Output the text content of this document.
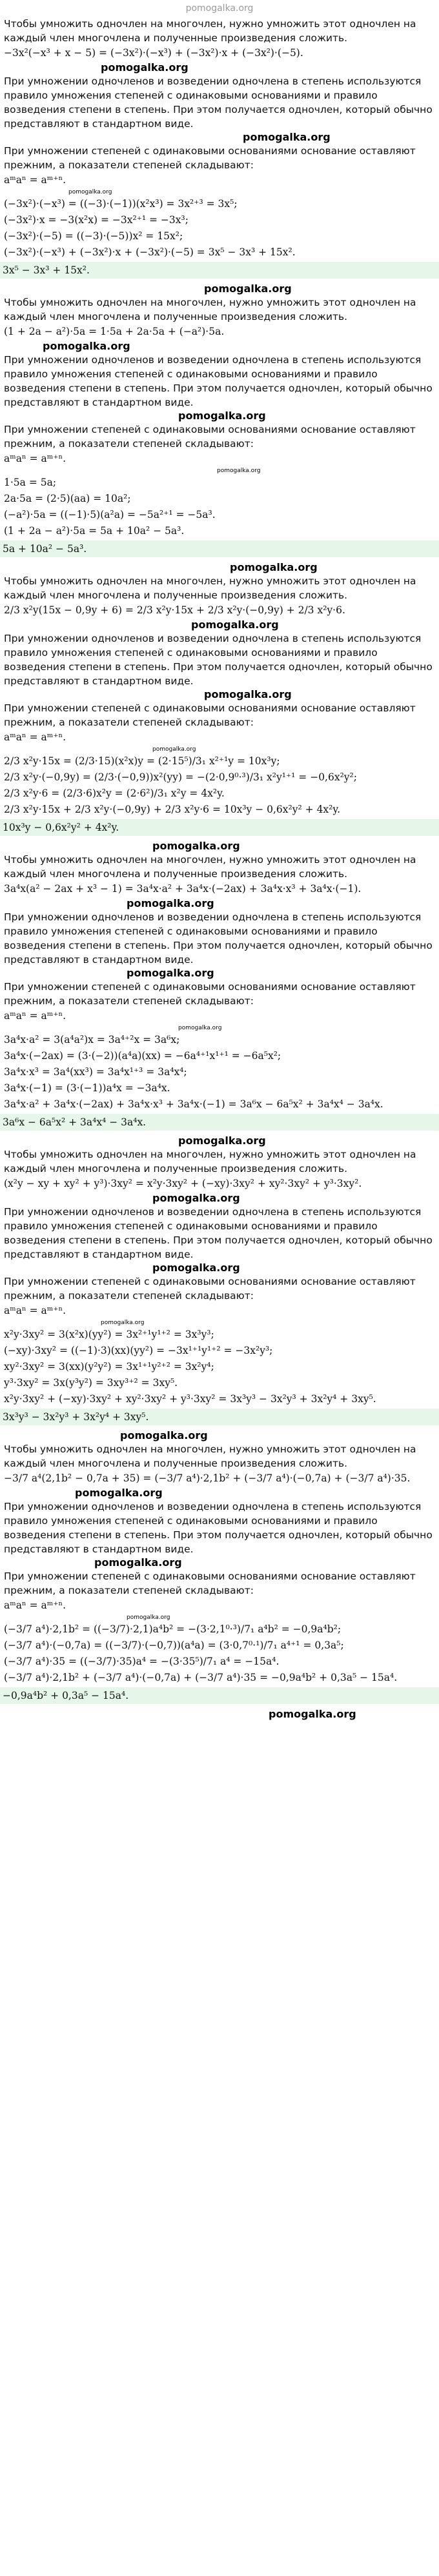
pomogalka.org

Чтобы умножить одночлен на многочлен, нужно умножить этот одночлен на каждый член многочлена и полученные произведения сложить.

−3x²(−x³ + x − 5) = (−3x²)·(−x³) + (−3x²)·x + (−3x²)·(−5).

pomogalka.org

При умножении одночленов и возведении одночлена в степень используются правило умножения степеней с одинаковыми основаниями и правило возведения степени в степень. При этом получается одночлен, который обычно представляют в стандартном виде.

pomogalka.org

При умножении степеней с одинаковыми основаниями основание оставляют прежним, а показатели степеней складывают:

aᵐaⁿ = aᵐ⁺ⁿ.

pomogalka.org

(−3x²)·(−x³) = ((−3)·(−1))(x²x³) = 3x²⁺³ = 3x⁵;

(−3x²)·x = −3(x²x) = −3x²⁺¹ = −3x³;

(−3x²)·(−5) = ((−3)·(−5))x² = 15x²;

(−3x²)·(−x³) + (−3x²)·x + (−3x²)·(−5) = 3x⁵ − 3x³ + 15x².

3x⁵ − 3x³ + 15x².
pomogalka.org

Чтобы умножить одночлен на многочлен, нужно умножить этот одночлен на каждый член многочлена и полученные произведения сложить.

(1 + 2a − a²)·5a = 1·5a + 2a·5a + (−a²)·5a.

pomogalka.org

При умножении одночленов и возведении одночлена в степень используются правило умножения степеней с одинаковыми основаниями и правило возведения степени в степень. При этом получается одночлен, который обычно представляют в стандартном виде.

pomogalka.org

При умножении степеней с одинаковыми основаниями основание оставляют прежним, а показатели степеней складывают:

aᵐaⁿ = aᵐ⁺ⁿ.

pomogalka.org

1·5a = 5a;

2a·5a = (2·5)(aa) = 10a²;

(−a²)·5a = ((−1)·5)(a²a) = −5a²⁺¹ = −5a³.

(1 + 2a − a²)·5a = 5a + 10a² − 5a³.

5a + 10a² − 5a³.
pomogalka.org

Чтобы умножить одночлен на многочлен, нужно умножить этот одночлен на каждый член многочлена и полученные произведения сложить.

2/3 x²y(15x − 0,9y + 6) = 2/3 x²y·15x + 2/3 x²y·(−0,9y) + 2/3 x²y·6.

pomogalka.org

При умножении одночленов и возведении одночлена в степень используются правило умножения степеней с одинаковыми основаниями и правило возведения степени в степень. При этом получается одночлен, который обычно представляют в стандартном виде.

pomogalka.org

При умножении степеней с одинаковыми основаниями основание оставляют прежним, а показатели степеней складывают:

aᵐaⁿ = aᵐ⁺ⁿ.

pomogalka.org

2/3 x²y·15x = (2/3·15)(x²x)y = (2·15⁵)/3₁ x²⁺¹y = 10x³y;

2/3 x²y·(−0,9y) = (2/3·(−0,9))x²(yy) = −(2·0,9⁰·³)/3₁ x²y¹⁺¹ = −0,6x²y²;

2/3 x²y·6 = (2/3·6)x²y = (2·6²)/3₁ x²y = 4x²y.

2/3 x²y·15x + 2/3 x²y·(−0,9y) + 2/3 x²y·6 = 10x³y − 0,6x²y² + 4x²y.

10x³y − 0,6x²y² + 4x²y.
pomogalka.org

Чтобы умножить одночлен на многочлен, нужно умножить этот одночлен на каждый член многочлена и полученные произведения сложить.

3a⁴x(a² − 2ax + x³ − 1) = 3a⁴x·a² + 3a⁴x·(−2ax) + 3a⁴x·x³ + 3a⁴x·(−1).

pomogalka.org

При умножении одночленов и возведении одночлена в степень используются правило умножения степеней с одинаковыми основаниями и правило возведения степени в степень. При этом получается одночлен, который обычно представляют в стандартном виде.

pomogalka.org

При умножении степеней с одинаковыми основаниями основание оставляют прежним, а показатели степеней складывают:

aᵐaⁿ = aᵐ⁺ⁿ.

pomogalka.org

3a⁴x·a² = 3(a⁴a²)x = 3a⁴⁺²x = 3a⁶x;

3a⁴x·(−2ax) = (3·(−2))(a⁴a)(xx) = −6a⁴⁺¹x¹⁺¹ = −6a⁵x²;

3a⁴x·x³ = 3a⁴(xx³) = 3a⁴x¹⁺³ = 3a⁴x⁴;

3a⁴x·(−1) = (3·(−1))a⁴x = −3a⁴x.

3a⁴x·a² + 3a⁴x·(−2ax) + 3a⁴x·x³ + 3a⁴x·(−1) = 3a⁶x − 6a⁵x² + 3a⁴x⁴ − 3a⁴x.

3a⁶x − 6a⁵x² + 3a⁴x⁴ − 3a⁴x.
pomogalka.org

Чтобы умножить одночлен на многочлен, нужно умножить этот одночлен на каждый член многочлена и полученные произведения сложить.

(x²y − xy + xy² + y³)·3xy² = x²y·3xy² + (−xy)·3xy² + xy²·3xy² + y³·3xy².

pomogalka.org

При умножении одночленов и возведении одночлена в степень используются правило умножения степеней с одинаковыми основаниями и правило возведения степени в степень. При этом получается одночлен, который обычно представляют в стандартном виде.

pomogalka.org

При умножении степеней с одинаковыми основаниями основание оставляют прежним, а показатели степеней складывают:

aᵐaⁿ = aᵐ⁺ⁿ.

pomogalka.org

x²y·3xy² = 3(x²x)(yy²) = 3x²⁺¹y¹⁺² = 3x³y³;

(−xy)·3xy² = ((−1)·3)(xx)(yy²) = −3x¹⁺¹y¹⁺² = −3x²y³;

xy²·3xy² = 3(xx)(y²y²) = 3x¹⁺¹y²⁺² = 3x²y⁴;

y³·3xy² = 3x(y³y²) = 3xy³⁺² = 3xy⁵.

x²y·3xy² + (−xy)·3xy² + xy²·3xy² + y³·3xy² = 3x³y³ − 3x²y³ + 3x²y⁴ + 3xy⁵.

3x³y³ − 3x²y³ + 3x²y⁴ + 3xy⁵.
pomogalka.org

Чтобы умножить одночлен на многочлен, нужно умножить этот одночлен на каждый член многочлена и полученные произведения сложить.

−3/7 a⁴(2,1b² − 0,7a + 35) = (−3/7 a⁴)·2,1b² + (−3/7 a⁴)·(−0,7a) + (−3/7 a⁴)·35.

pomogalka.org

При умножении одночленов и возведении одночлена в степень используются правило умножения степеней с одинаковыми основаниями и правило возведения степени в степень. При этом получается одночлен, который обычно представляют в стандартном виде.

pomogalka.org

При умножении степеней с одинаковыми основаниями основание оставляют прежним, а показатели степеней складывают:

aᵐaⁿ = aᵐ⁺ⁿ.

pomogalka.org

(−3/7 a⁴)·2,1b² = ((−3/7)·2,1)a⁴b² = −(3·2,1⁰·³)/7₁ a⁴b² = −0,9a⁴b²;

(−3/7 a⁴)·(−0,7a) = ((−3/7)·(−0,7))(a⁴a) = (3·0,7⁰·¹)/7₁ a⁴⁺¹ = 0,3a⁵;

(−3/7 a⁴)·35 = ((−3/7)·35)a⁴ = −(3·35⁵)/7₁ a⁴ = −15a⁴.

(−3/7 a⁴)·2,1b² + (−3/7 a⁴)·(−0,7a) + (−3/7 a⁴)·35 = −0,9a⁴b² + 0,3a⁵ − 15a⁴.

−0,9a⁴b² + 0,3a⁵ − 15a⁴.
pomogalka.org
